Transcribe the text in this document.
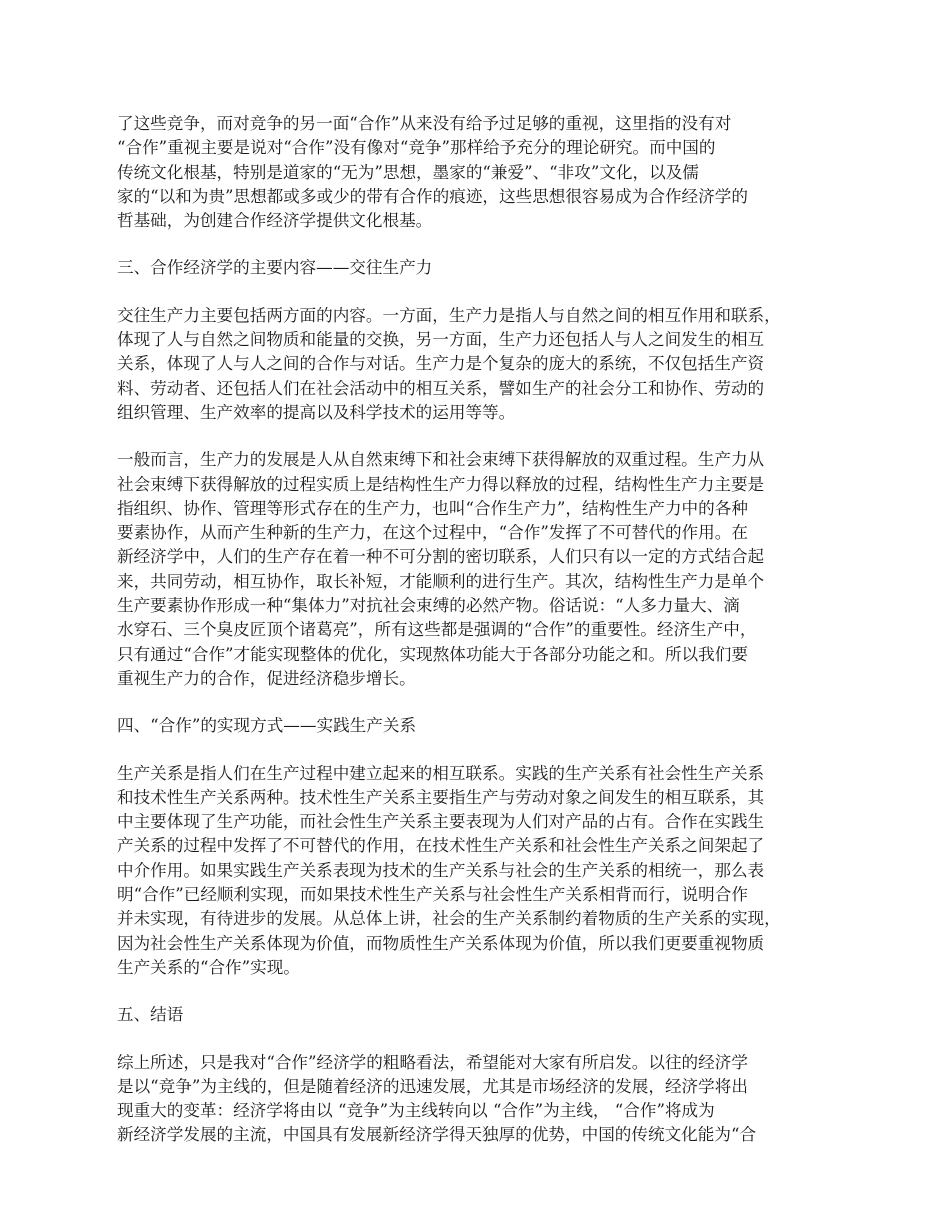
了这些竞争，而对竞争的另一面“合作”从来没有给予过足够的重视，这里指的没有对
“合作”重视主要是说对“合作”没有像对“竞争”那样给予充分的理论研究。而中国的
传统文化根基，特别是道家的“无为”思想，墨家的“兼爱”、“非攻”文化，以及儒
家的“以和为贵”思想都或多或少的带有合作的痕迹，这些思想很容易成为合作经济学的
哲基础，为创建合作经济学提供文化根基。

三、合作经济学的主要内容——交往生产力

交往生产力主要包括两方面的内容。一方面，生产力是指人与自然之间的相互作用和联系，
体现了人与自然之间物质和能量的交换，另一方面，生产力还包括人与人之间发生的相互
关系，体现了人与人之间的合作与对话。生产力是个复杂的庞大的系统，不仅包括生产资
料、劳动者、还包括人们在社会活动中的相互关系，譬如生产的社会分工和协作、劳动的
组织管理、生产效率的提高以及科学技术的运用等等。

一般而言，生产力的发展是人从自然束缚下和社会束缚下获得解放的双重过程。生产力从
社会束缚下获得解放的过程实质上是结构性生产力得以释放的过程，结构性生产力主要是
指组织、协作、管理等形式存在的生产力，也叫“合作生产力”，结构性生产力中的各种
要素协作，从而产生种新的生产力，在这个过程中，“合作”发挥了不可替代的作用。在
新经济学中，人们的生产存在着一种不可分割的密切联系，人们只有以一定的方式结合起
来，共同劳动，相互协作，取长补短，才能顺利的进行生产。其次，结构性生产力是单个
生产要素协作形成一种“集体力”对抗社会束缚的必然产物。俗话说：“人多力量大、滴
水穿石、三个臭皮匠顶个诸葛亮”，所有这些都是强调的“合作”的重要性。经济生产中，
只有通过“合作”才能实现整体的优化，实现熬体功能大于各部分功能之和。所以我们要
重视生产力的合作，促进经济稳步增长。

四、“合作”的实现方式——实践生产关系

生产关系是指人们在生产过程中建立起来的相互联系。实践的生产关系有社会性生产关系
和技术性生产关系两种。技术性生产关系主要指生产与劳动对象之间发生的相互联系，其
中主要体现了生产功能，而社会性生产关系主要表现为人们对产品的占有。合作在实践生
产关系的过程中发挥了不可替代的作用，在技术性生产关系和社会性生产关系之间架起了
中介作用。如果实践生产关系表现为技术的生产关系与社会的生产关系的相统一，那么表
明“合作”已经顺利实现，而如果技术性生产关系与社会性生产关系相背而行，说明合作
并未实现，有待进步的发展。从总体上讲，社会的生产关系制约着物质的生产关系的实现，
因为社会性生产关系体现为价值，而物质性生产关系体现为价值，所以我们更要重视物质
生产关系的“合作”实现。

五、结语

综上所述，只是我对“合作”经济学的粗略看法，希望能对大家有所启发。以往的经济学
是以“竞争”为主线的，但是随着经济的迅速发展，尤其是市场经济的发展，经济学将出
现重大的变革：经济学将由以 “竞争”为主线转向以 “合作”为主线， “合作”将成为
新经济学发展的主流，中国具有发展新经济学得天独厚的优势，中国的传统文化能为“合
